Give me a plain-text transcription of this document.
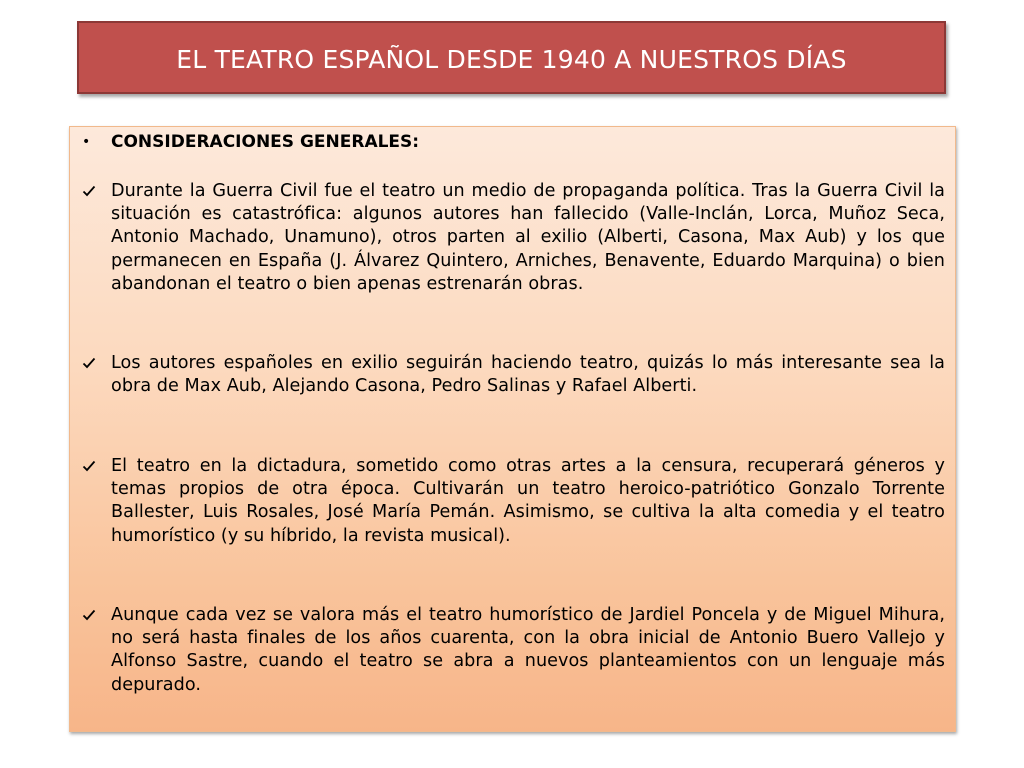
EL TEATRO ESPAÑOL DESDE 1940 A NUESTROS DÍAS
•	CONSIDERACIONES GENERALES:
Durante la Guerra Civil fue el teatro un medio de propaganda política. Tras la Guerra Civil la situación es catastrófica: algunos autores han fallecido (Valle-Inclán, Lorca, Muñoz Seca, Antonio Machado, Unamuno), otros parten al exilio (Alberti, Casona, Max Aub) y los que permanecen en España (J. Álvarez Quintero, Arniches, Benavente, Eduardo Marquina) o bien abandonan el teatro o bien apenas estrenarán obras.
Los autores españoles en exilio seguirán haciendo teatro, quizás lo más interesante sea la obra de Max Aub, Alejando Casona, Pedro Salinas y Rafael Alberti.
El teatro en la dictadura, sometido como otras artes a la censura, recuperará géneros y temas propios de otra época. Cultivarán un teatro heroico-patriótico Gonzalo Torrente Ballester, Luis Rosales, José María Pemán. Asimismo, se cultiva la alta comedia y el teatro humorístico (y su híbrido, la revista musical).
Aunque cada vez se valora más el teatro humorístico de Jardiel Poncela y de Miguel Mihura, no será hasta finales de los años cuarenta, con la obra inicial de Antonio Buero Vallejo y Alfonso Sastre, cuando el teatro se abra a nuevos planteamientos con un lenguaje más depurado.
